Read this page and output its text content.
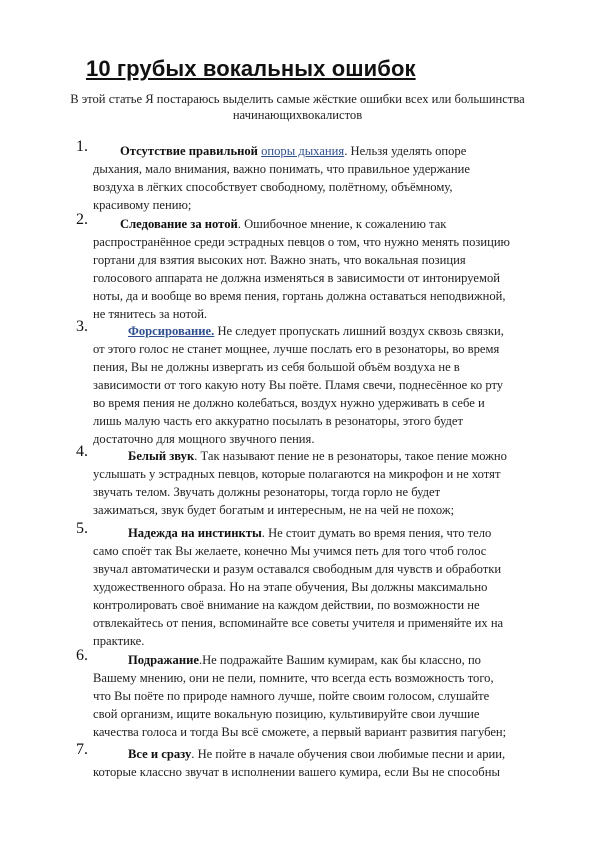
10 грубых вокальных ошибок
В этой статье Я постараюсь выделить самые жёсткие ошибки всех или большинства начинающихвокалистов
1.	Отсутствие правильной опоры дыхания. Нельзя уделять опоре
дыхания, мало внимания, важно понимать, что правильное удержание
воздуха в лёгких способствует свободному, полётному, объёмному,
красивому пению;
2.	Следование за нотой. Ошибочное мнение, к сожалению так
распространённое среди эстрадных певцов о том, что нужно менять позицию
гортани для взятия высоких нот. Важно знать, что вокальная позиция
голосового аппарата не должна изменяться в зависимости от интонируемой
ноты, да и вообще во время пения, гортань должна оставаться неподвижной,
не тянитесь за нотой.
3.	Форсирование. Не следует пропускать лишний воздух сквозь связки,
от этого голос не станет мощнее, лучше послать его в резонаторы, во время
пения, Вы не должны извергать из себя большой объём воздуха не в
зависимости от того какую ноту Вы поёте. Пламя свечи, поднесённое ко рту
во время пения не должно колебаться, воздух нужно удерживать в себе и
лишь малую часть его аккуратно посылать в резонаторы, этого будет
достаточно для мощного звучного пения.
4.	Белый звук. Так называют пение не в резонаторы, такое пение можно
услышать у эстрадных певцов, которые полагаются на микрофон и не хотят
звучать телом. Звучать должны резонаторы, тогда горло не будет
зажиматься, звук будет богатым и интересным, не на чей не похож;
5.	Надежда на инстинкты. Не стоит думать во время пения, что тело
само споёт так Вы желаете, конечно Мы учимся петь для того чтоб голос
звучал автоматически и разум оставался свободным для чувств и обработки
художественного образа. Но на этапе обучения, Вы должны максимально
контролировать своё внимание на каждом действии, по возможности не
отвлекайтесь от пения, вспоминайте все советы учителя и применяйте их на
практике.
6.	Подражание.Не подражайте Вашим кумирам, как бы классно, по
Вашему мнению, они не пели, помните, что всегда есть возможность того,
что Вы поёте по природе намного лучше, пойте своим голосом, слушайте
свой организм, ищите вокальную позицию, культивируйте свои лучшие
качества голоса и тогда Вы всё сможете, а первый вариант развития пагубен;
7.	Все и сразу. Не пойте в начале обучения свои любимые песни и арии,
которые классно звучат в исполнении вашего кумира, если Вы не способны
